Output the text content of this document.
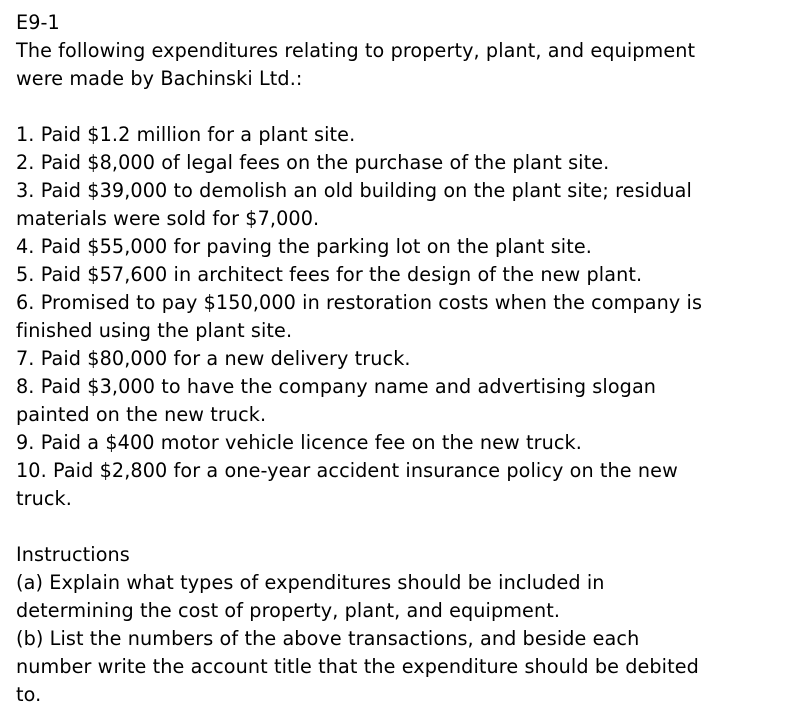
E9-1
The following expenditures relating to property, plant, and equipment
were made by Bachinski Ltd.:
1. Paid $1.2 million for a plant site.
2. Paid $8,000 of legal fees on the purchase of the plant site.
3. Paid $39,000 to demolish an old building on the plant site; residual
materials were sold for $7,000.
4. Paid $55,000 for paving the parking lot on the plant site.
5. Paid $57,600 in architect fees for the design of the new plant.
6. Promised to pay $150,000 in restoration costs when the company is
finished using the plant site.
7. Paid $80,000 for a new delivery truck.
8. Paid $3,000 to have the company name and advertising slogan
painted on the new truck.
9. Paid a $400 motor vehicle licence fee on the new truck.
10. Paid $2,800 for a one-year accident insurance policy on the new
truck.
Instructions
(a) Explain what types of expenditures should be included in
determining the cost of property, plant, and equipment.
(b) List the numbers of the above transactions, and beside each
number write the account title that the expenditure should be debited
to.
